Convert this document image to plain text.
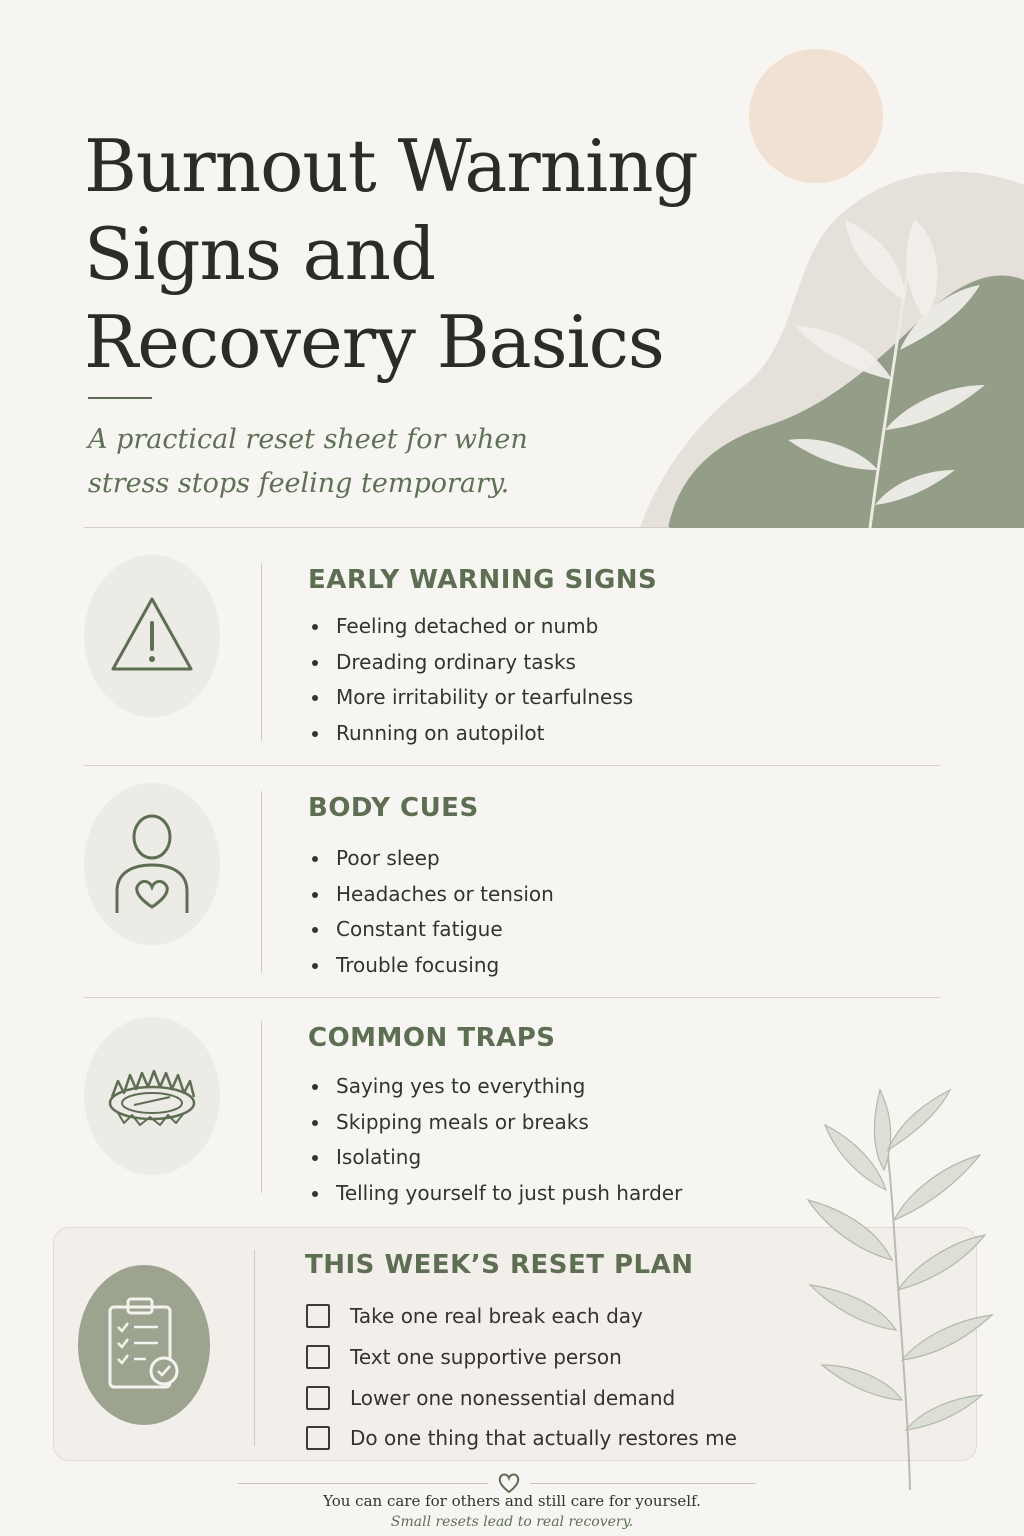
Burnout Warning Signs and Recovery Basics

A practical reset sheet for when stress stops feeling temporary.

EARLY WARNING SIGNS
Feeling detached or numb
Dreading ordinary tasks
More irritability or tearfulness
Running on autopilot
BODY CUES
Poor sleep
Headaches or tension
Constant fatigue
Trouble focusing
COMMON TRAPS
Saying yes to everything
Skipping meals or breaks
Isolating
Telling yourself to just push harder
THIS WEEK’S RESET PLAN
Take one real break each day
Text one supportive person
Lower one nonessential demand
Do one thing that actually restores me
You can care for others and still care for yourself.
Small resets lead to real recovery.
